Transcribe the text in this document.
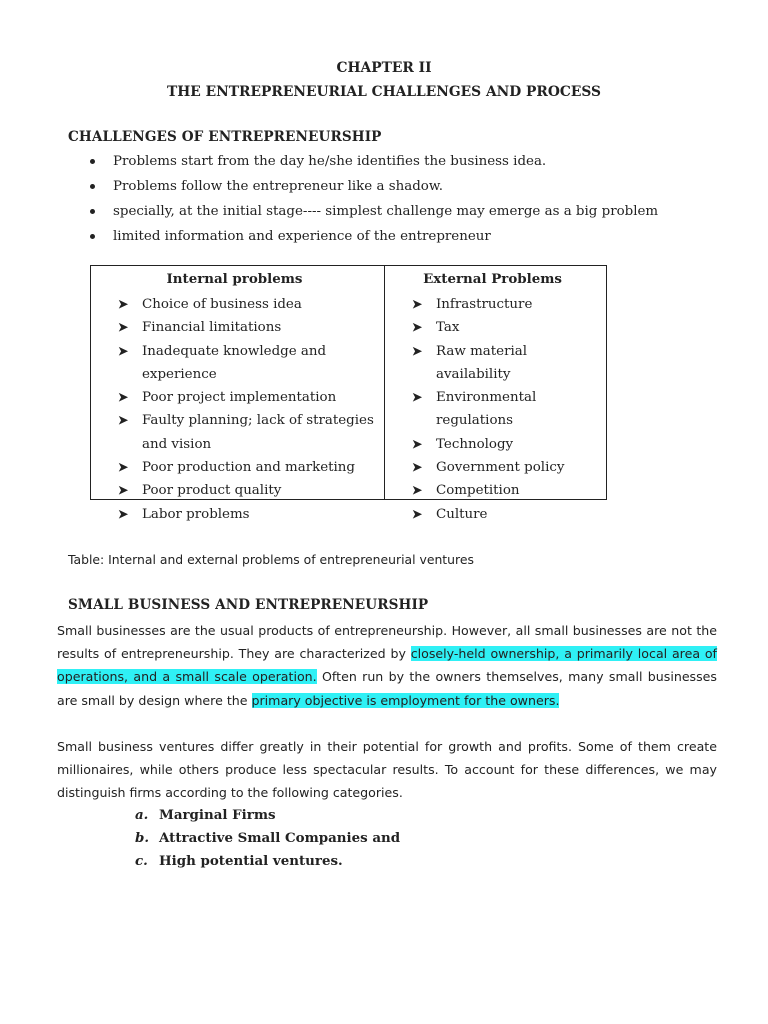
CHAPTER II
THE ENTREPRENEURIAL CHALLENGES AND PROCESS
CHALLENGES OF ENTREPRENEURSHIP
Problems start from the day he/she identifies the business idea.
Problems follow the entrepreneur like a shadow.
specially, at the initial stage---- simplest challenge may emerge as a big problem
limited information and experience of the entrepreneur
Internal problems
➤ Choice of business idea
➤ Financial limitations
➤ Inadequate knowledge and experience
➤ Poor project implementation
➤ Faulty planning; lack of strategies and vision
➤ Poor production and marketing
➤ Poor product quality
➤ Labor problems
External Problems
➤ Infrastructure
➤ Tax
➤ Raw material availability
➤ Environmental regulations
➤ Technology
➤ Government policy
➤ Competition
➤ Culture
Table: Internal and external problems of entrepreneurial ventures
SMALL BUSINESS AND ENTREPRENEURSHIP
Small businesses are the usual products of entrepreneurship. However, all small businesses are not the results of entrepreneurship. They are characterized by closely-held ownership, a primarily local area of operations, and a small scale operation. Often run by the owners themselves, many small businesses are small by design where the primary objective is employment for the owners.
Small business ventures differ greatly in their potential for growth and profits. Some of them create millionaires, while others produce less spectacular results. To account for these differences, we may distinguish firms according to the following categories.
a. Marginal Firms
b. Attractive Small Companies and
c. High potential ventures.
